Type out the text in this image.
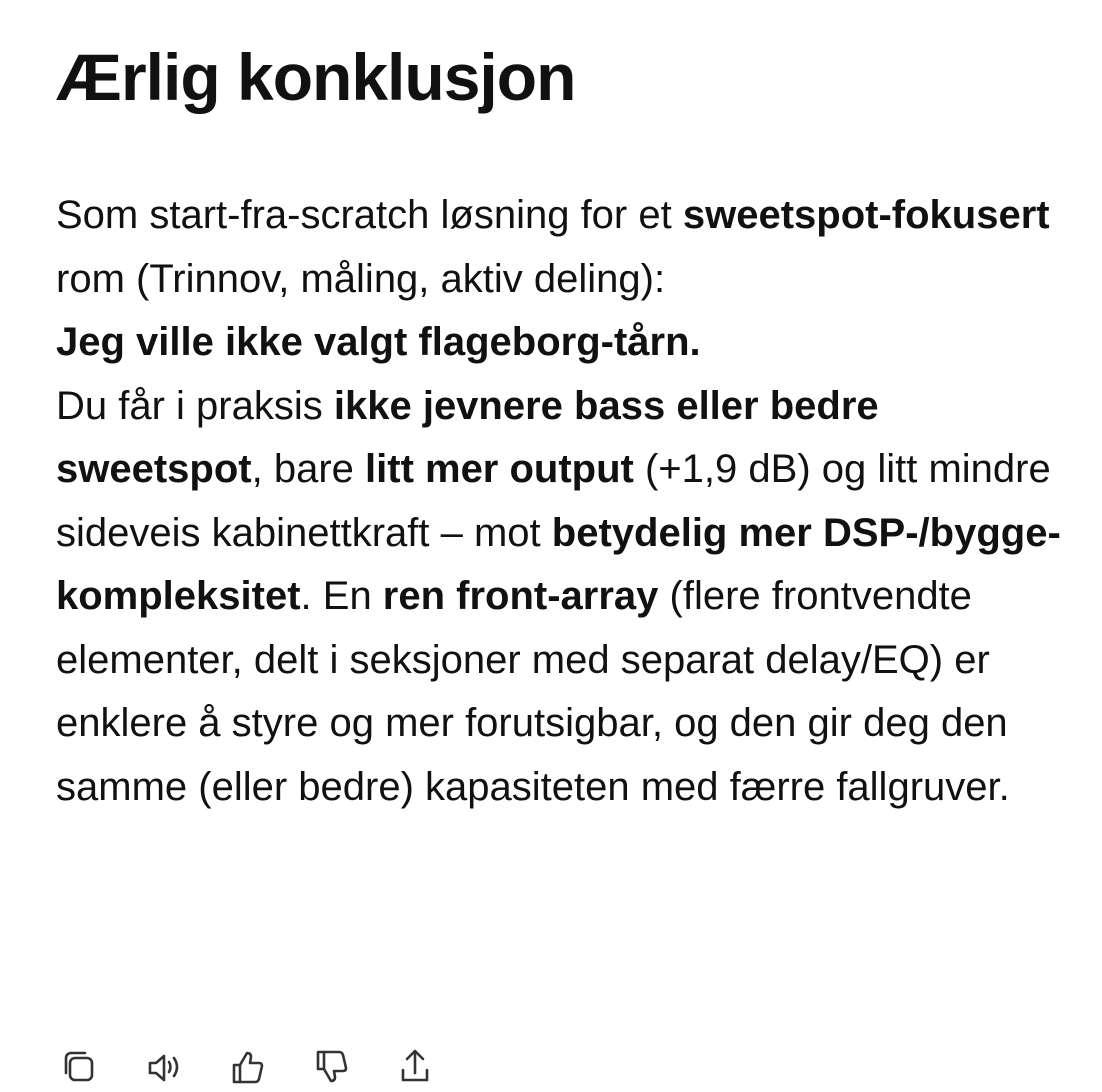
Ærlig konklusjon

Som start-fra-scratch løsning for et sweetspot-fokusert rom (Trinnov, måling, aktiv deling):
Jeg ville ikke valgt flageborg-tårn.
Du får i praksis ikke jevnere bass eller bedre sweetspot, bare litt mer output (+1,9 dB) og litt mindre sideveis kabinettkraft – mot betydelig mer DSP-/bygge-kompleksitet. En ren front-array (flere frontvendte elementer, delt i seksjoner med separat delay/EQ) er enklere å styre og mer forutsigbar, og den gir deg den samme (eller bedre) kapasiteten med færre fallgruver.
